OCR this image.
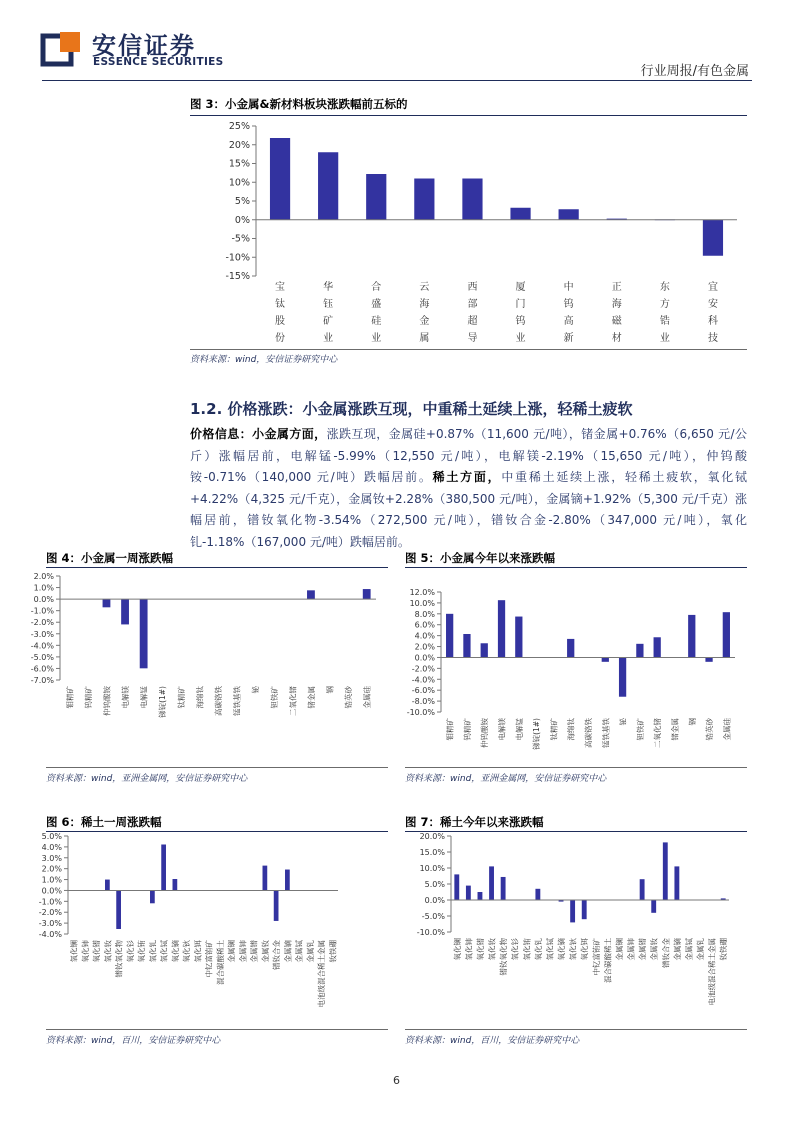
安信证券
ESSENCE SECURITIES
行业周报/有色金属
图 3：小金属&新材料板块涨跌幅前五标的
-15%
-10%
-5%
0%
5%
10%
15%
20%
25%
宝钛股份
华钰矿业
合盛硅业
云海金属
西部超导
厦门钨业
中钨高新
正海磁材
东方锆业
宜安科技
资料来源：wind，安信证券研究中心
1.2. 价格涨跌：小金属涨跌互现，中重稀土延续上涨，轻稀土疲软
价格信息：小金属方面，涨跌互现，金属硅+0.87%（11,600 元/吨），锗金属+0.76%（6,650 元/公斤）涨幅居前，电解锰-5.99%（12,550 元/吨），电解镁-2.19%（15,650 元/吨），仲钨酸铵-0.71%（140,000 元/吨）跌幅居前。稀土方面，中重稀土延续上涨，轻稀土疲软，氧化铽+4.22%（4,325 元/千克），金属钕+2.28%（380,500 元/吨），金属镝+1.92%（5,300 元/千克）涨幅居前，镨钕氧化物-3.54%（272,500 元/吨），镨钕合金-2.80%（347,000 元/吨），氧化钆-1.18%（167,000 元/吨）跌幅居前。
图 4：小金属一周涨跌幅
-7.0%
-6.0%
-5.0%
-4.0%
-3.0%
-2.0%
-1.0%
0.0%
1.0%
2.0%
钼精矿 钨精矿 仲钨酸铵 电解镁 电解锰 锑锭(1#) 钛精矿 海绵钛 高碳铬铁 锰铁基铁 铋 钽铁矿 二氧化锗 锗金属 钢 锆英砂 金属硅
资料来源：wind，亚洲金属网，安信证券研究中心
图 5：小金属今年以来涨跌幅
-10.0%
-8.0%
-6.0%
-4.0%
-2.0%
0.0%
2.0%
4.0%
6.0%
8.0%
10.0%
12.0%
钼精矿 钨精矿 仲钨酸铵 电解镁 电解锰 锑锭(1#) 钛精矿 海绵钛 高碳铬铁 锰铁基铁 铋 钽铁矿 二氧化锗 锗金属 钢 锆英砂 金属硅
资料来源：wind，亚洲金属网，安信证券研究中心
图 6：稀土一周涨跌幅
-4.0%
-3.0%
-2.0%
-1.0%
0.0%
1.0%
2.0%
3.0%
4.0%
5.0%
氧化镧 氧化铈 氧化镨 氧化钕 镨钕氧化物 氧化钐 氧化铕 氧化钆 氧化铽 氧化镝 氧化钬 氧化铒 中钇富铕矿 混合碳酸稀土 金属镧 金属铈 金属镨 金属钕 镨钕合金 金属镝 金属铽 金属钆 电池级混合稀土金属 钕铁硼
资料来源：wind，百川，安信证券研究中心
图 7：稀土今年以来涨跌幅
-10.0%
-5.0%
0.0%
5.0%
10.0%
15.0%
20.0%
氧化镧 氧化铈 氧化镨 氧化钕 镨钕氧化物 氧化钐 氧化铕 氧化钆 氧化铽 氧化镝 氧化钬 氧化铒 中钇富铕矿 混合碳酸稀土 金属镧 金属铈 金属镨 金属钕 镨钕合金 金属镝 金属铽 金属钆 电池级混合稀土金属 钕铁硼
资料来源：wind，百川，安信证券研究中心
6
